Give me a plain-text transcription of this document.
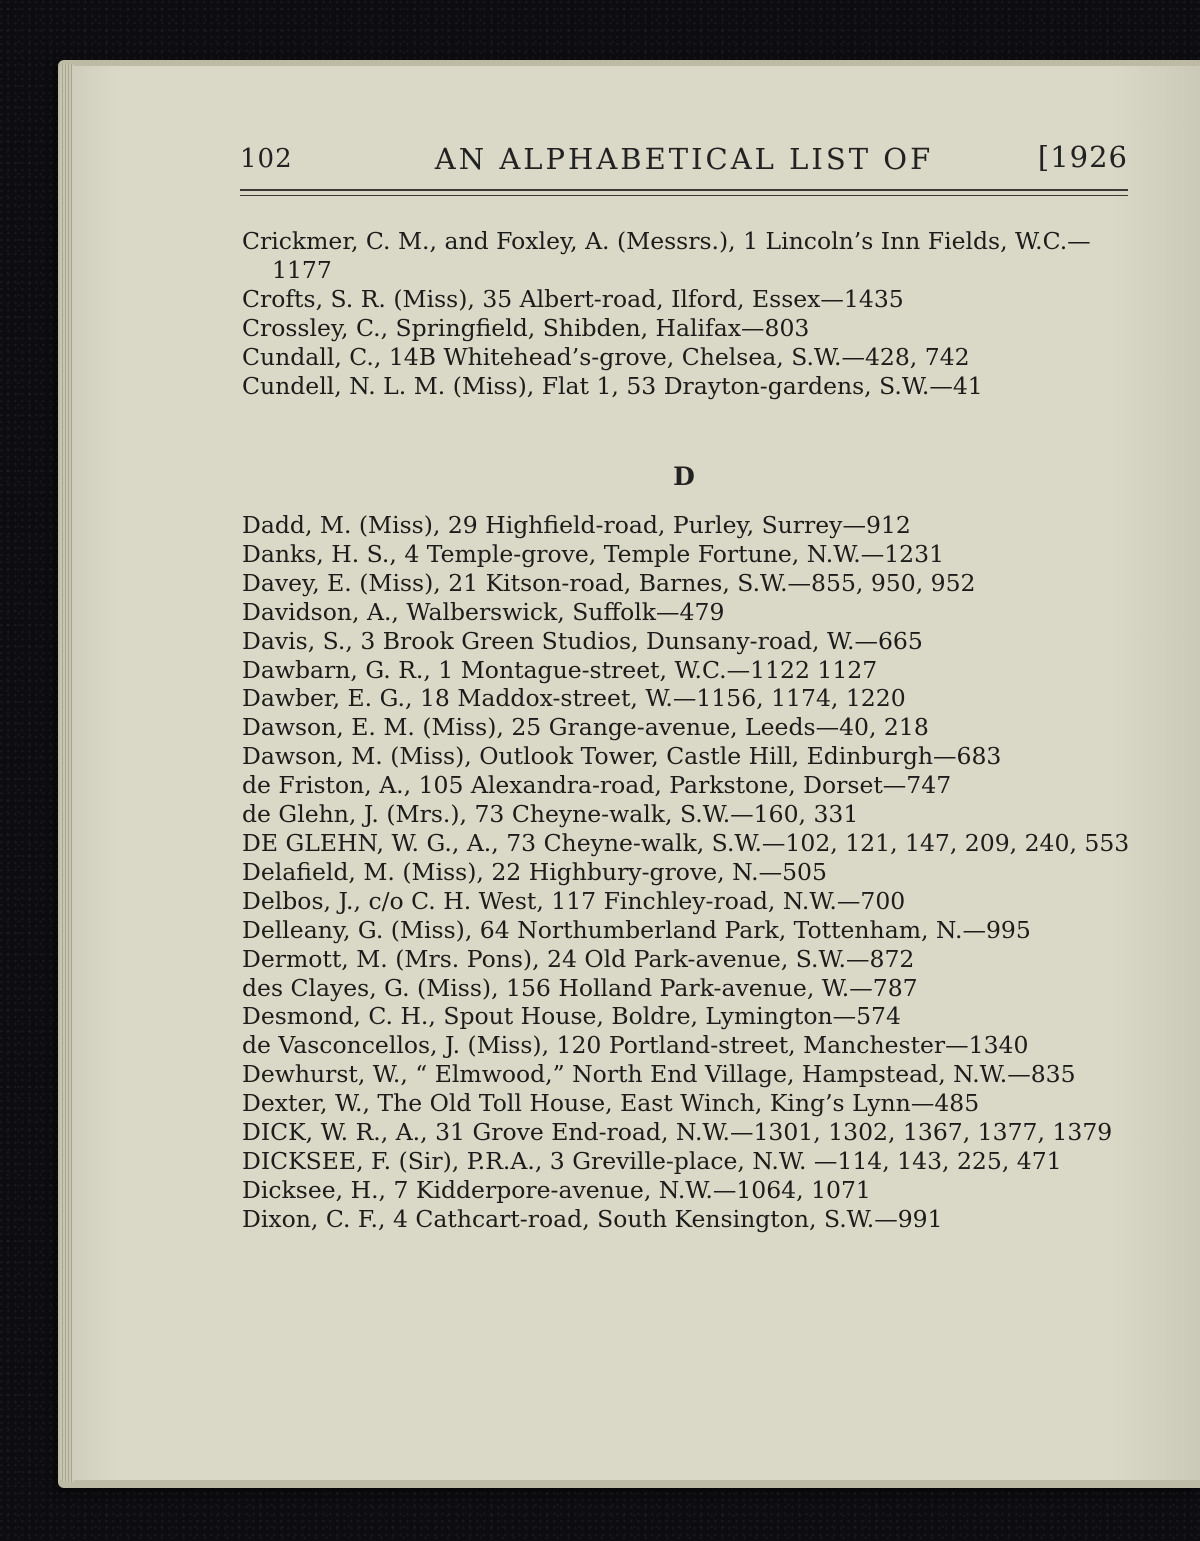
102	AN ALPHABETICAL LIST OF	[1926
Crickmer, C. M., and Foxley, A. (Messrs.), 1 Lincoln’s Inn Fields, W.C.—1177
Crofts, S. R. (Miss), 35 Albert-road, Ilford, Essex—1435
Crossley, C., Springfield, Shibden, Halifax—803
Cundall, C., 14B Whitehead’s-grove, Chelsea, S.W.—428, 742
Cundell, N. L. M. (Miss), Flat 1, 53 Drayton-gardens, S.W.—41
D
Dadd, M. (Miss), 29 Highfield-road, Purley, Surrey—912
Danks, H. S., 4 Temple-grove, Temple Fortune, N.W.—1231
Davey, E. (Miss), 21 Kitson-road, Barnes, S.W.—855, 950, 952
Davidson, A., Walberswick, Suffolk—479
Davis, S., 3 Brook Green Studios, Dunsany-road, W.—665
Dawbarn, G. R., 1 Montague-street, W.C.—1122 1127
Dawber, E. G., 18 Maddox-street, W.—1156, 1174, 1220
Dawson, E. M. (Miss), 25 Grange-avenue, Leeds—40, 218
Dawson, M. (Miss), Outlook Tower, Castle Hill, Edinburgh—683
de Friston, A., 105 Alexandra-road, Parkstone, Dorset—747
de Glehn, J. (Mrs.), 73 Cheyne-walk, S.W.—160, 331
DE GLEHN, W. G., A., 73 Cheyne-walk, S.W.—102, 121, 147, 209, 240, 553
Delafield, M. (Miss), 22 Highbury-grove, N.—505
Delbos, J., c/o C. H. West, 117 Finchley-road, N.W.—700
Delleany, G. (Miss), 64 Northumberland Park, Tottenham, N.—995
Dermott, M. (Mrs. Pons), 24 Old Park-avenue, S.W.—872
des Clayes, G. (Miss), 156 Holland Park-avenue, W.—787
Desmond, C. H., Spout House, Boldre, Lymington—574
de Vasconcellos, J. (Miss), 120 Portland-street, Manchester—1340
Dewhurst, W., “ Elmwood,” North End Village, Hampstead, N.W.—835
Dexter, W., The Old Toll House, East Winch, King’s Lynn—485
DICK, W. R., A., 31 Grove End-road, N.W.—1301, 1302, 1367, 1377, 1379
DICKSEE, F. (Sir), P.R.A., 3 Greville-place, N.W. —114, 143, 225, 471
Dicksee, H., 7 Kidderpore-avenue, N.W.—1064, 1071
Dixon, C. F., 4 Cathcart-road, South Kensington, S.W.—991
